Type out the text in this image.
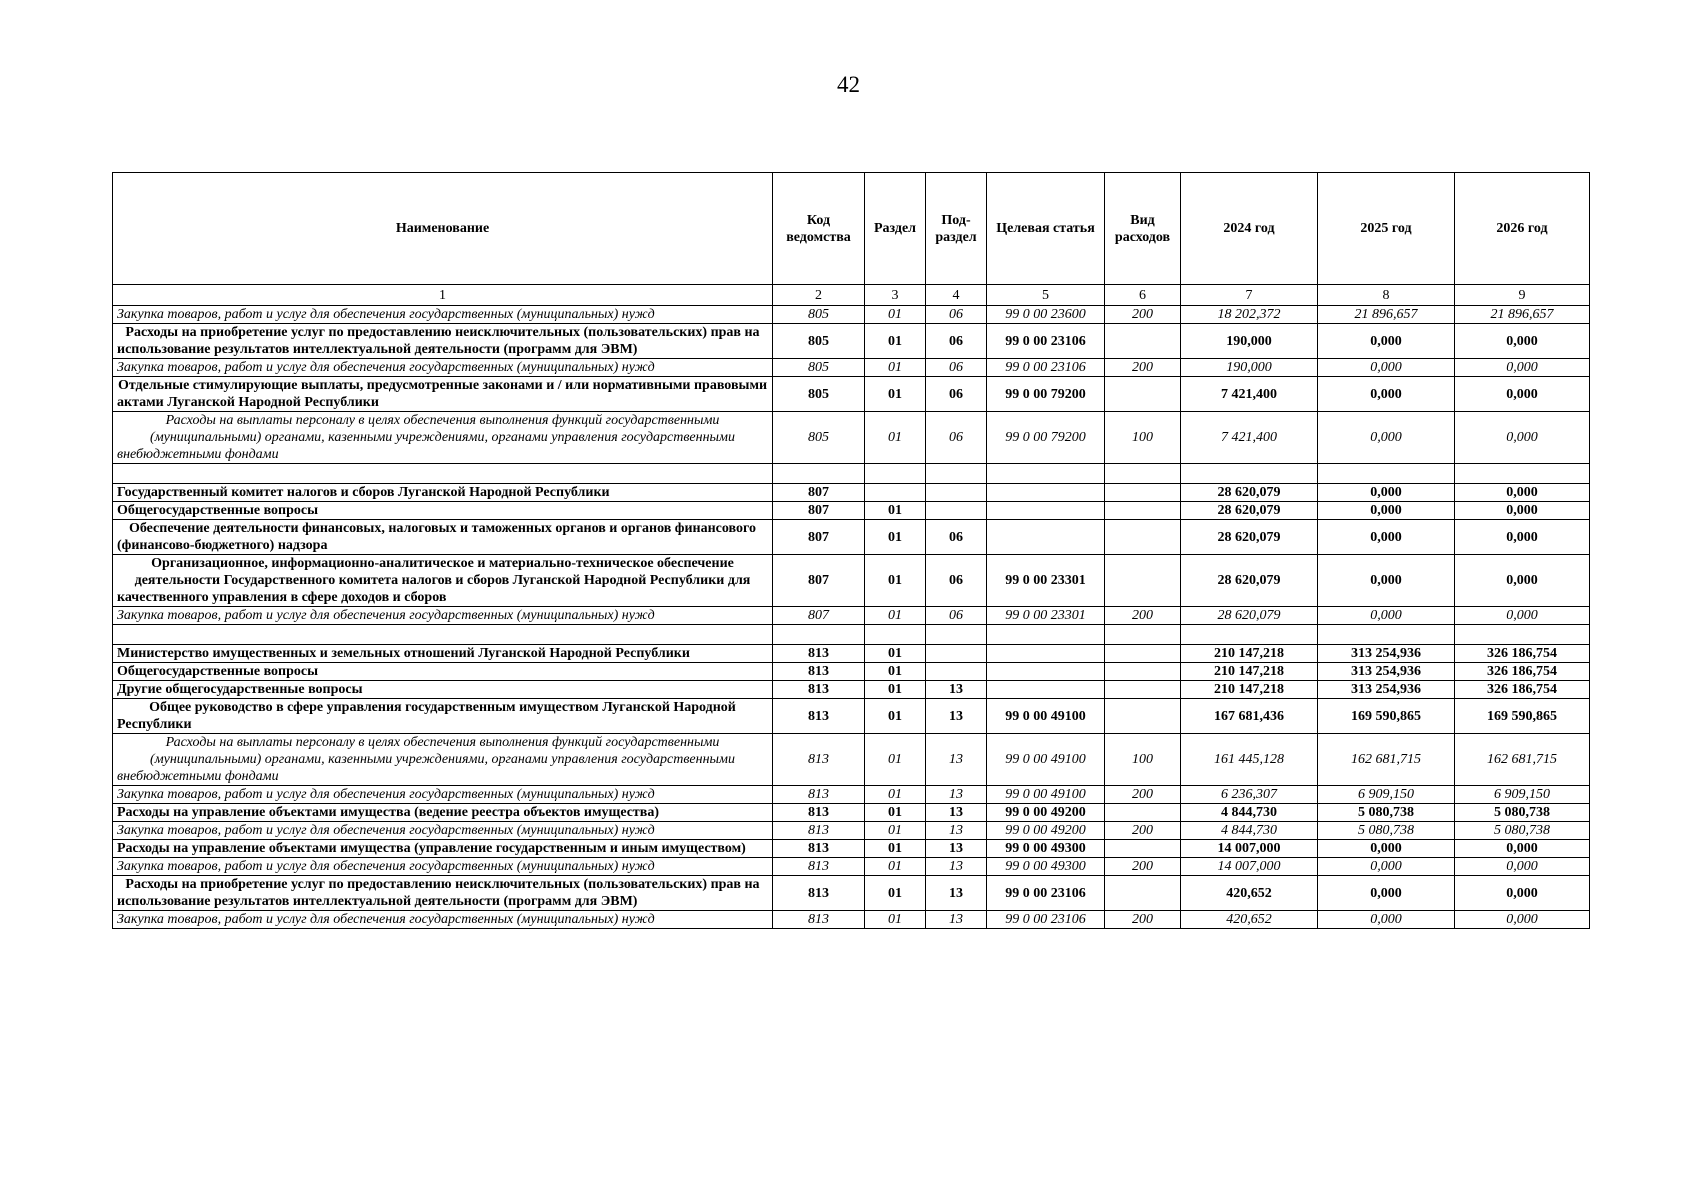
42
Наименование	Код ведомства	Раздел	Под-раздел	Целевая статья	Вид расходов	2024 год	2025 год	2026 год
1	2	3	4	5	6	7	8	9
Закупка товаров, работ и услуг для обеспечения государственных (муниципальных) нужд	805	01	06	99 0 00 23600	200	18 202,372	21 896,657	21 896,657
Расходы на приобретение услуг по предоставлению неисключительных (пользовательских) прав на использование результатов интеллектуальной деятельности (программ для ЭВМ)	805	01	06	99 0 00 23106		190,000	0,000	0,000
Закупка товаров, работ и услуг для обеспечения государственных (муниципальных) нужд	805	01	06	99 0 00 23106	200	190,000	0,000	0,000
Отдельные стимулирующие выплаты, предусмотренные законами и / или нормативными правовыми актами Луганской Народной Республики	805	01	06	99 0 00 79200		7 421,400	0,000	0,000
Расходы на выплаты персоналу в целях обеспечения выполнения функций государственными (муниципальными) органами, казенными учреждениями, органами управления государственными внебюджетными фондами	805	01	06	99 0 00 79200	100	7 421,400	0,000	0,000

Государственный комитет налогов и сборов Луганской Народной Республики	807					28 620,079	0,000	0,000
Общегосударственные вопросы	807	01				28 620,079	0,000	0,000
Обеспечение деятельности финансовых, налоговых и таможенных органов и органов финансового (финансово-бюджетного) надзора	807	01	06			28 620,079	0,000	0,000
Организационное, информационно-аналитическое и материально-техническое обеспечение деятельности Государственного комитета налогов и сборов Луганской Народной Республики для качественного управления в сфере доходов и сборов	807	01	06	99 0 00 23301		28 620,079	0,000	0,000
Закупка товаров, работ и услуг для обеспечения государственных (муниципальных) нужд	807	01	06	99 0 00 23301	200	28 620,079	0,000	0,000

Министерство имущественных и земельных отношений Луганской Народной Республики	813	01				210 147,218	313 254,936	326 186,754
Общегосударственные вопросы	813	01				210 147,218	313 254,936	326 186,754
Другие общегосударственные вопросы	813	01	13			210 147,218	313 254,936	326 186,754
Общее руководство в сфере управления государственным имуществом Луганской Народной Республики	813	01	13	99 0 00 49100		167 681,436	169 590,865	169 590,865
Расходы на выплаты персоналу в целях обеспечения выполнения функций государственными (муниципальными) органами, казенными учреждениями, органами управления государственными внебюджетными фондами	813	01	13	99 0 00 49100	100	161 445,128	162 681,715	162 681,715
Закупка товаров, работ и услуг для обеспечения государственных (муниципальных) нужд	813	01	13	99 0 00 49100	200	6 236,307	6 909,150	6 909,150
Расходы на управление объектами имущества (ведение реестра объектов имущества)	813	01	13	99 0 00 49200		4 844,730	5 080,738	5 080,738
Закупка товаров, работ и услуг для обеспечения государственных (муниципальных) нужд	813	01	13	99 0 00 49200	200	4 844,730	5 080,738	5 080,738
Расходы на управление объектами имущества (управление государственным и иным имуществом)	813	01	13	99 0 00 49300		14 007,000	0,000	0,000
Закупка товаров, работ и услуг для обеспечения государственных (муниципальных) нужд	813	01	13	99 0 00 49300	200	14 007,000	0,000	0,000
Расходы на приобретение услуг по предоставлению неисключительных (пользовательских) прав на использование результатов интеллектуальной деятельности (программ для ЭВМ)	813	01	13	99 0 00 23106		420,652	0,000	0,000
Закупка товаров, работ и услуг для обеспечения государственных (муниципальных) нужд	813	01	13	99 0 00 23106	200	420,652	0,000	0,000
